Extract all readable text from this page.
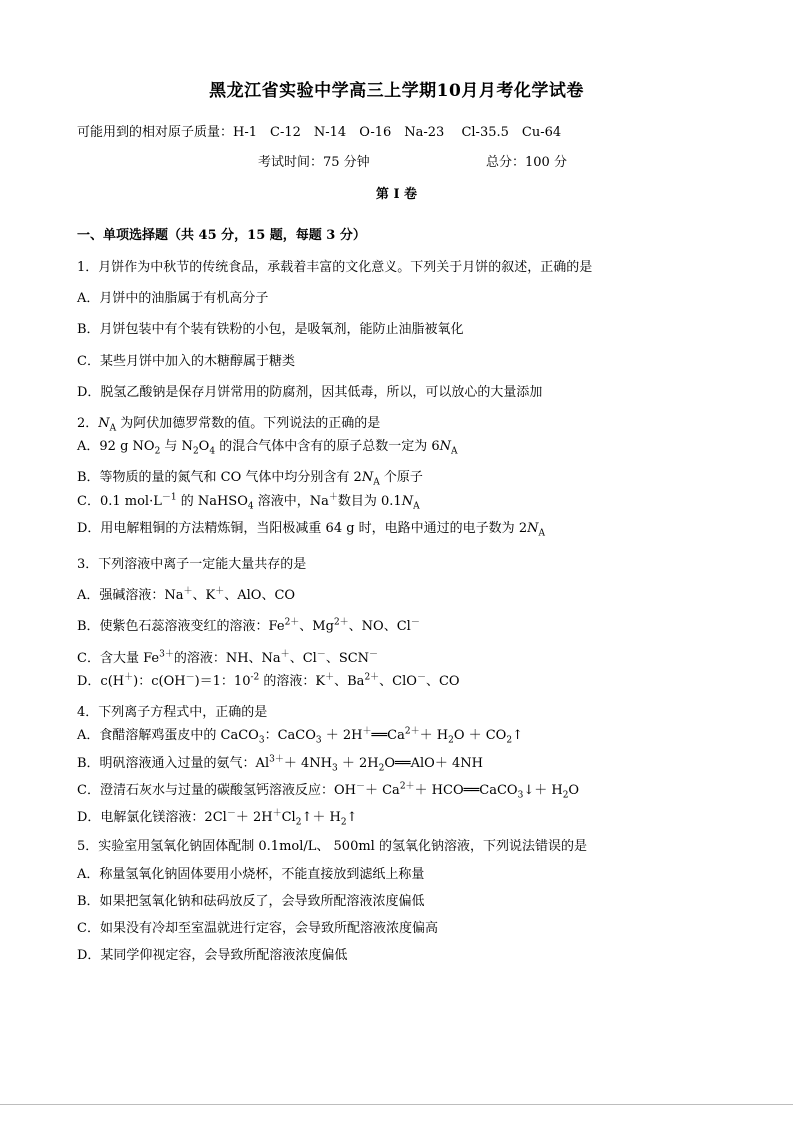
黑龙江省实验中学高三上学期10月月考化学试卷
可能用到的相对原子质量：H-1　C-12　N-14　O-16　Na-23　 Cl-35.5　Cu-64
考试时间：75 分钟	总分：100 分
第 I 卷
一、单项选择题（共 45 分，15 题，每题 3 分）
1．月饼作为中秋节的传统食品，承载着丰富的文化意义。下列关于月饼的叙述，正确的是
A．月饼中的油脂属于有机高分子
B．月饼包装中有个装有铁粉的小包，是吸氧剂，能防止油脂被氧化
C．某些月饼中加入的木糖醇属于糖类
D．脱氢乙酸钠是保存月饼常用的防腐剂，因其低毒，所以，可以放心的大量添加
2．$N_A$ 为阿伏加德罗常数的值。下列说法的正确的是
A．92 g $NO_2$ 与 $N_2O_4$ 的混合气体中含有的原子总数一定为 $6N_A$
B．等物质的量的氮气和 CO 气体中均分别含有 $2N_A$ 个原子
C．0.1 $mol\cdot L^{-1}$ 的 NaHSO$_4$ 溶液中，Na＋数目为 $0.1N_A$
D．用电解粗铜的方法精炼铜，当阳极减重 64 g 时，电路中通过的电子数为 $2N_A$
3．下列溶液中离子一定能大量共存的是
A．强碱溶液：Na＋、K＋、AlO、CO
B．使紫色石蕊溶液变红的溶液：$Fe^{2+}$、$Mg^{2+}$、NO、Cl－
C．含大量 $Fe^{3+}$的溶液：NH、Na＋、Cl－、SCN－
D．c(H＋)：c(OH－)＝1：$10^{-2}$ 的溶液：K＋、$Ba^{2+}$、ClO－、CO
4．下列离子方程式中，正确的是
A．食醋溶解鸡蛋皮中的 CaCO$_3$：CaCO$_3$ ＋ $2H^+══Ca^{2+}+ H_2O$ ＋ $CO_2↑$
B．明矾溶液通入过量的氨气：$Al^{3+}+ 4NH_3$ ＋ $2H_2O══AlO+ 4NH$
C．澄清石灰水与过量的碳酸氢钙溶液反应：$OH^-+ Ca^{2+}+$ HCO══CaCO$_3$↓＋ $H_2O$
D．电解氯化镁溶液：$2Cl^-+ 2H^+Cl_2↑+$ $H_2↑$
5．实验室用氢氧化钠固体配制 0.1mol/L、 500ml 的氢氧化钠溶液，下列说法错误的是
A．称量氢氧化钠固体要用小烧杯，不能直接放到滤纸上称量
B．如果把氢氧化钠和砝码放反了，会导致所配溶液浓度偏低
C．如果没有冷却至室温就进行定容，会导致所配溶液浓度偏高
D．某同学仰视定容，会导致所配溶液浓度偏低
